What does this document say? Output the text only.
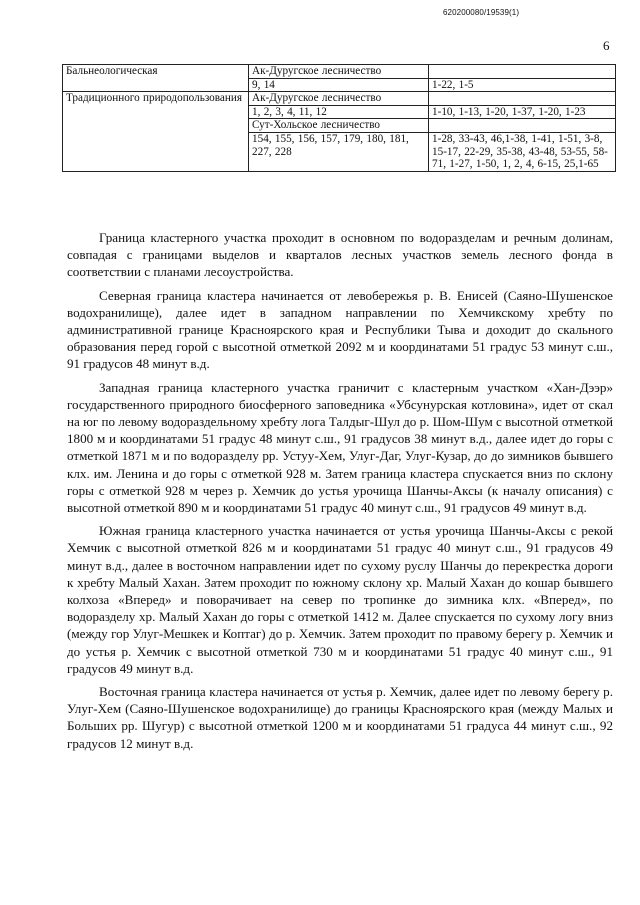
620200080/19539(1)
6
Бальнеологическая	Ак-Дуругское лесничество	
	9, 14	1-22, 1-5
Традиционного природопользования	Ак-Дуругское лесничество	
	1, 2, 3, 4, 11, 12	1-10, 1-13, 1-20, 1-37, 1-20, 1-23
	Сут-Хольское лесничество	
	154, 155, 156, 157, 179, 180, 181, 227, 228	1-28, 33-43, 46,1-38, 1-41, 1-51, 3-8, 15-17, 22-29, 35-38, 43-48, 53-55, 58-71, 1-27, 1-50, 1, 2, 4, 6-15, 25,1-65

Граница кластерного участка проходит в основном по водоразделам и речным долинам, совпадая с границами выделов и кварталов лесных участков земель лесного фонда в соответствии с планами лесоустройства.

Северная граница кластера начинается от левобережья р. В. Енисей (Саяно-Шушенское водохранилище), далее идет в западном направлении по Хемчикскому хребту по административной границе Красноярского края и Республики Тыва и доходит до скального образования перед горой с высотной отметкой 2092 м и координатами 51 градус 53 минут с.ш., 91 градусов 48 минут в.д.

Западная граница кластерного участка граничит с кластерным участком «Хан-Дээр» государственного природного биосферного заповедника «Убсунурская котловина», идет от скал на юг по левому водораздельному хребту лога Талдыг-Шул до р. Шом-Шум с высотной отметкой 1800 м и координатами 51 градус 48 минут с.ш., 91 градусов 38 минут в.д., далее идет до горы с отметкой 1871 м и по водоразделу рр. Устуу-Хем, Улуг-Даг, Улуг-Кузар, до до зимников бывшего клх. им. Ленина и до горы с отметкой 928 м. Затем граница кластера спускается вниз по склону горы с отметкой 928 м через р. Хемчик до устья урочища Шанчы-Аксы (к началу описания) с высотной отметкой 890 м и координатами 51 градус 40 минут с.ш., 91 градусов 49 минут в.д.

Южная граница кластерного участка начинается от устья урочища Шанчы-Аксы с рекой Хемчик с высотной отметкой 826 м и координатами 51 градус 40 минут с.ш., 91 градусов 49 минут в.д., далее в восточном направлении идет по сухому руслу Шанчы до перекрестка дороги к хребту Малый Хахан. Затем проходит по южному склону хр. Малый Хахан до кошар бывшего колхоза «Вперед» и поворачивает на север по тропинке до зимника клх. «Вперед», по водоразделу хр. Малый Хахан до горы с отметкой 1412 м. Далее спускается по сухому логу вниз (между гор Улуг-Мешкек и Коптаг) до р. Хемчик. Затем проходит по правому берегу р. Хемчик и до устья р. Хемчик с высотной отметкой 730 м и координатами 51 градус 40 минут с.ш., 91 градусов 49 минут в.д.

Восточная граница кластера начинается от устья р. Хемчик, далее идет по левому берегу р. Улуг-Хем (Саяно-Шушенское водохранилище) до границы Красноярского края (между Малых и Больших рр. Шугур) с высотной отметкой 1200 м и координатами 51 градуса 44 минут с.ш., 92 градусов 12 минут в.д.
